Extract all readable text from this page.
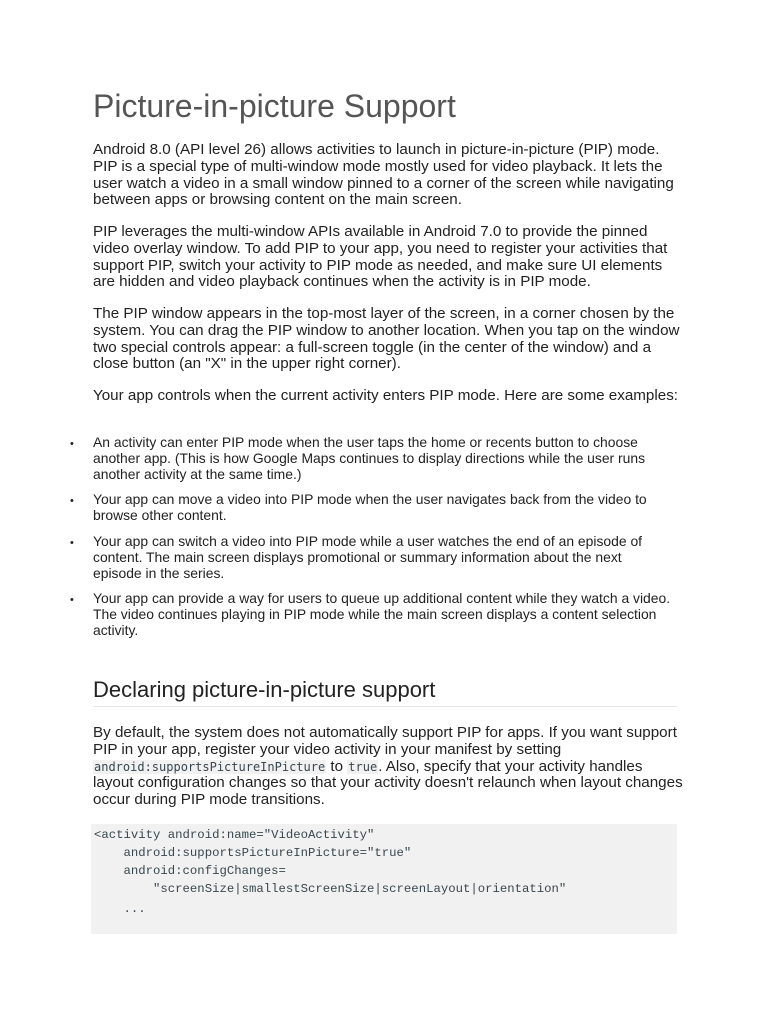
Picture-in-picture Support

Android 8.0 (API level 26) allows activities to launch in picture-in-picture (PIP) mode. PIP is a special type of multi-window mode mostly used for video playback. It lets the user watch a video in a small window pinned to a corner of the screen while navigating between apps or browsing content on the main screen.

PIP leverages the multi-window APIs available in Android 7.0 to provide the pinned video overlay window. To add PIP to your app, you need to register your activities that support PIP, switch your activity to PIP mode as needed, and make sure UI elements are hidden and video playback continues when the activity is in PIP mode.

The PIP window appears in the top-most layer of the screen, in a corner chosen by the system. You can drag the PIP window to another location. When you tap on the window two special controls appear: a full-screen toggle (in the center of the window) and a close button (an "X" in the upper right corner).

Your app controls when the current activity enters PIP mode. Here are some examples:

• An activity can enter PIP mode when the user taps the home or recents button to choose another app. (This is how Google Maps continues to display directions while the user runs another activity at the same time.)

• Your app can move a video into PIP mode when the user navigates back from the video to browse other content.

• Your app can switch a video into PIP mode while a user watches the end of an episode of content. The main screen displays promotional or summary information about the next episode in the series.

• Your app can provide a way for users to queue up additional content while they watch a video. The video continues playing in PIP mode while the main screen displays a content selection activity.

Declaring picture-in-picture support

By default, the system does not automatically support PIP for apps. If you want support PIP in your app, register your video activity in your manifest by setting android:supportsPictureInPicture to true. Also, specify that your activity handles layout configuration changes so that your activity doesn't relaunch when layout changes occur during PIP mode transitions.

<activity android:name="VideoActivity"
android:supportsPictureInPicture="true"
android:configChanges=
"screenSize|smallestScreenSize|screenLayout|orientation"
...
